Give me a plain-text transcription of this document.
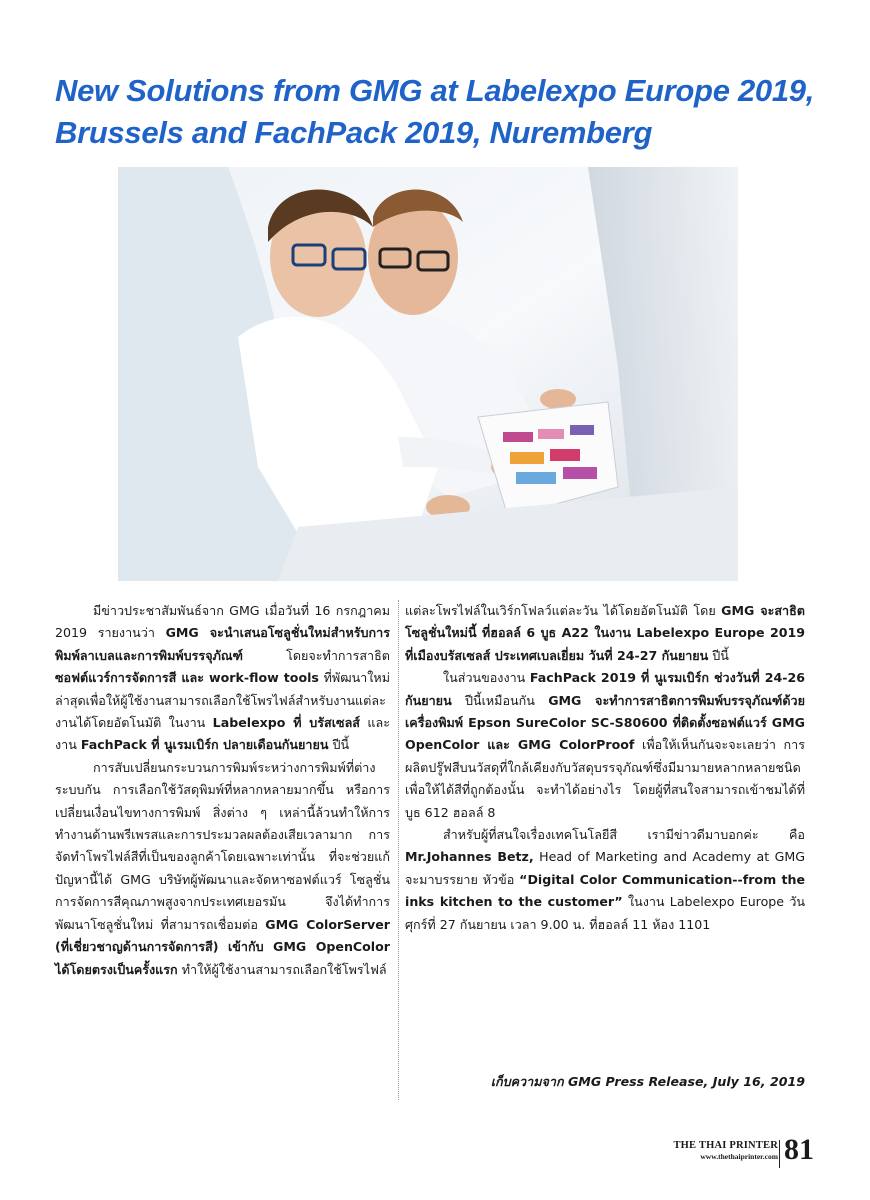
New Solutions from GMG at Labelexpo Europe 2019,
Brussels and FachPack 2019, Nuremberg

มีข่าวประชาสัมพันธ์จาก GMG เมื่อวันที่ 16 กรกฎาคม 2019 รายงานว่า GMG จะนำเสนอโซลูชั่นใหม่สำหรับการพิมพ์ลาเบลและการพิมพ์บรรจุภัณฑ์ โดยจะทำการสาธิตซอฟต์แวร์การจัดการสี และ work-flow tools ที่พัฒนาใหม่ล่าสุดเพื่อให้ผู้ใช้งานสามารถเลือกใช้โพรไฟล์สำหรับงานแต่ละงานได้โดยอัตโนมัติ ในงาน Labelexpo ที่ บรัสเซลส์ และงาน FachPack ที่ นูเรมเบิร์ก ปลายเดือนกันยายน ปีนี้

การสับเปลี่ยนกระบวนการพิมพ์ระหว่างการพิมพ์ที่ต่างระบบกัน การเลือกใช้วัสดุพิมพ์ที่หลากหลายมากขึ้น หรือการเปลี่ยนเงื่อนไขทางการพิมพ์ สิ่งต่าง ๆ เหล่านี้ล้วนทำให้การทำงานด้านพรีเพรสและการประมวลผลต้องเสียเวลามาก การจัดทำโพรไฟล์สีที่เป็นของลูกค้าโดยเฉพาะเท่านั้น ที่จะช่วยแก้ปัญหานี้ได้ GMG บริษัทผู้พัฒนาและจัดหาซอฟต์แวร์ โซลูชั่น การจัดการสีคุณภาพสูงจากประเทศเยอรมัน จึงได้ทำการพัฒนาโซลูชั่นใหม่ ที่สามารถเชื่อมต่อ GMG ColorServer (ที่เชี่ยวชาญด้านการจัดการสี) เข้ากับ GMG OpenColor ได้โดยตรงเป็นครั้งแรก ทำให้ผู้ใช้งานสามารถเลือกใช้โพรไฟล์

แต่ละโพรไฟล์ในเวิร์กโฟลว์แต่ละวัน ได้โดยอัตโนมัติ โดย GMG จะสาธิตโซลูชั่นใหม่นี้ ที่ฮอลล์ 6 บูธ A22 ในงาน Labelexpo Europe 2019 ที่เมืองบรัสเซลส์ ประเทศเบลเยี่ยม วันที่ 24-27 กันยายน ปีนี้

ในส่วนของงาน FachPack 2019 ที่ นูเรมเบิร์ก ช่วงวันที่ 24-26 กันยายน ปีนี้เหมือนกัน GMG จะทำการสาธิตการพิมพ์บรรจุภัณฑ์ด้วยเครื่องพิมพ์ Epson SureColor SC-S80600 ที่ติดตั้งซอฟต์แวร์ GMG OpenColor และ GMG ColorProof เพื่อให้เห็นกันจะจะเลยว่า การผลิตปรู๊ฟสีบนวัสดุที่ใกล้เคียงกับวัสดุบรรจุภัณฑ์ซึ่งมีมามายหลากหลายชนิด เพื่อให้ได้สีที่ถูกต้องนั้น จะทำได้อย่างไร โดยผู้ที่สนใจสามารถเข้าชมได้ที่ บูธ 612 ฮอลล์ 8

สำหรับผู้ที่สนใจเรื่องเทคโนโลยีสี เรามีข่าวดีมาบอกค่ะ คือ Mr.Johannes Betz, Head of Marketing and Academy at GMG จะมาบรรยาย หัวข้อ “Digital Color Communication--from the inks kitchen to the customer” ในงาน Labelexpo Europe วันศุกร์ที่ 27 กันยายน เวลา 9.00 น. ที่ฮอลล์ 11 ห้อง 1101

เก็บความจาก GMG Press Release, July 16, 2019
THE THAI PRINTER
www.thethaiprinter.com 81
